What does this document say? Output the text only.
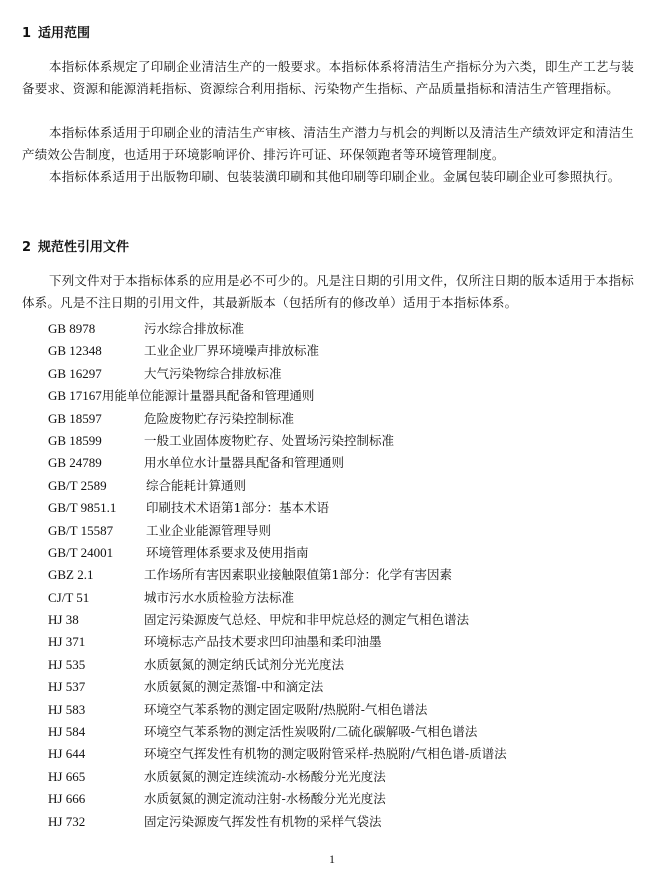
1 适用范围
本指标体系规定了印刷企业清洁生产的一般要求。本指标体系将清洁生产指标分为六类，即生产工艺与装备要求、资源和能源消耗指标、资源综合利用指标、污染物产生指标、产品质量指标和清洁生产管理指标。
本指标体系适用于印刷企业的清洁生产审核、清洁生产潜力与机会的判断以及清洁生产绩效评定和清洁生产绩效公告制度，也适用于环境影响评价、排污许可证、环保领跑者等环境管理制度。
本指标体系适用于出版物印刷、包装装潢印刷和其他印刷等印刷企业。金属包装印刷企业可参照执行。
2 规范性引用文件
下列文件对于本指标体系的应用是必不可少的。凡是注日期的引用文件，仅所注日期的版本适用于本指标体系。凡是不注日期的引用文件，其最新版本（包括所有的修改单）适用于本指标体系。
GB 8978	污水综合排放标准
GB 12348	工业企业厂界环境噪声排放标准
GB 16297	大气污染物综合排放标准
GB 17167用能单位能源计量器具配备和管理通则
GB 18597	危险废物贮存污染控制标准
GB 18599	一般工业固体废物贮存、处置场污染控制标准
GB 24789	用水单位水计量器具配备和管理通则
GB/T 2589	综合能耗计算通则
GB/T 9851.1 印刷技术术语第1部分：基本术语
GB/T 15587	工业企业能源管理导则
GB/T 24001	环境管理体系要求及使用指南
GBZ 2.1	工作场所有害因素职业接触限值第1部分：化学有害因素
CJ/T 51	城市污水水质检验方法标准
HJ 38	固定污染源废气总烃、甲烷和非甲烷总烃的测定气相色谱法
HJ 371	环境标志产品技术要求凹印油墨和柔印油墨
HJ 535	水质氨氮的测定纳氏试剂分光光度法
HJ 537	水质氨氮的测定蒸馏-中和滴定法
HJ 583	环境空气苯系物的测定固定吸附/热脱附-气相色谱法
HJ 584	环境空气苯系物的测定活性炭吸附/二硫化碳解吸-气相色谱法
HJ 644	环境空气挥发性有机物的测定吸附管采样-热脱附/气相色谱-质谱法
HJ 665	水质氨氮的测定连续流动-水杨酸分光光度法
HJ 666	水质氨氮的测定流动注射-水杨酸分光光度法
HJ 732	固定污染源废气挥发性有机物的采样气袋法
1
